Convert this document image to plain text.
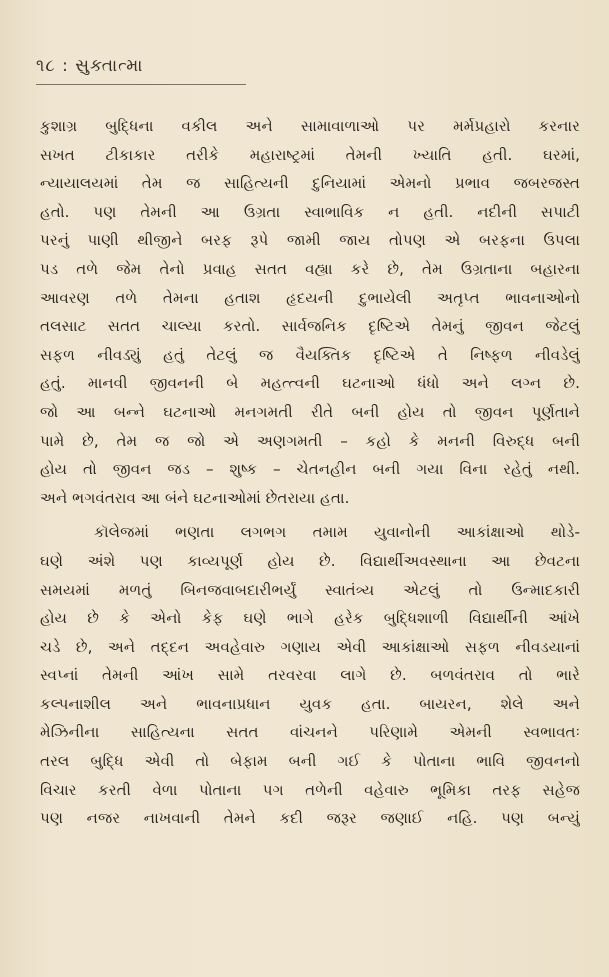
૧૮ : સુક્તાત્મા
કુશાગ્ર બુદ્ધિના વકીલ અને સામાવાળાઓ પર મર્મપ્રહારો કરનાર
સખત ટીકાકાર તરીકે મહારાષ્ટ્રમાં તેમની ખ્યાતિ હતી. ઘરમાં,
ન્યાયાલયમાં તેમ જ સાહિત્યની દુનિયામાં એમનો પ્રભાવ જબરજસ્ત
હતો. પણ તેમની આ ઉગ્રતા સ્વાભાવિક ન હતી. નદીની સપાટી
પરનું પાણી થીજીને બરફ રૂપે જામી જાય તોપણ એ બરફના ઉપલા
પડ તળે જેમ તેનો પ્રવાહ સતત વહ્યા કરે છે, તેમ ઉગ્રતાના બહારના
આવરણ તળે તેમના હતાશ હૃદયની દુભાયેલી અતૃપ્ત ભાવનાઓનો
તલસાટ સતત ચાલ્યા કરતો. સાર્વજનિક દૃષ્ટિએ તેમનું જીવન જેટલું
સફળ નીવડ્યું હતું તેટલું જ વૈયક્તિક દૃષ્ટિએ તે નિષ્ફળ નીવડેલું
હતું. માનવી જીવનની બે મહત્ત્વની ઘટનાઓ ધંધો અને લગ્ન છે.
જો આ બન્ને ઘટનાઓ મનગમતી રીતે બની હોય તો જીવન પૂર્ણતાને
પામે છે, તેમ જ જો એ અણગમતી – કહો કે મનની વિરુદ્ધ બની
હોય તો જીવન જડ – શુષ્ક – ચેતનહીન બની ગયા વિના રહેતું નથી.
અને ભગવંતરાવ આ બંને ઘટનાઓમાં છેતરાયા હતા.
કૉલેજમાં ભણતા લગભગ તમામ યુવાનોની આકાંક્ષાઓ થોડે-
ઘણે અંશે પણ કાવ્યપૂર્ણ હોય છે. વિદ્યાર્થીઅવસ્થાના આ છેવટના
સમયમાં મળતું બિનજવાબદારીભર્યું સ્વાતંત્ર્ય એટલું તો ઉન્માદકારી
હોય છે કે એનો કેફ ઘણે ભાગે હરેક બુદ્ધિશાળી વિદ્યાર્થીની આંખે
ચડે છે, અને તદ્દન અવહેવારુ ગણાય એવી આકાંક્ષાઓ સફળ નીવડયાનાં
સ્વપ્નાં તેમની આંખ સામે તરવરવા લાગે છે. બળવંતરાવ તો ભારે
કલ્પનાશીલ અને ભાવનાપ્રધાન યુવક હતા. બાયરન, શેલે અને
મેઝિનીના સાહિત્યના સતત વાંચનને પરિણામે એમની સ્વભાવતઃ
તરલ બુદ્ધિ એવી તો બેફામ બની ગઈ કે પોતાના ભાવિ જીવનનો
વિચાર કરતી વેળા પોતાના પગ તળેની વહેવારુ ભૂમિકા તરફ સહેજ
પણ નજર નાખવાની તેમને કદી જરૂર જણાઈ નહિ. પણ બન્યું
